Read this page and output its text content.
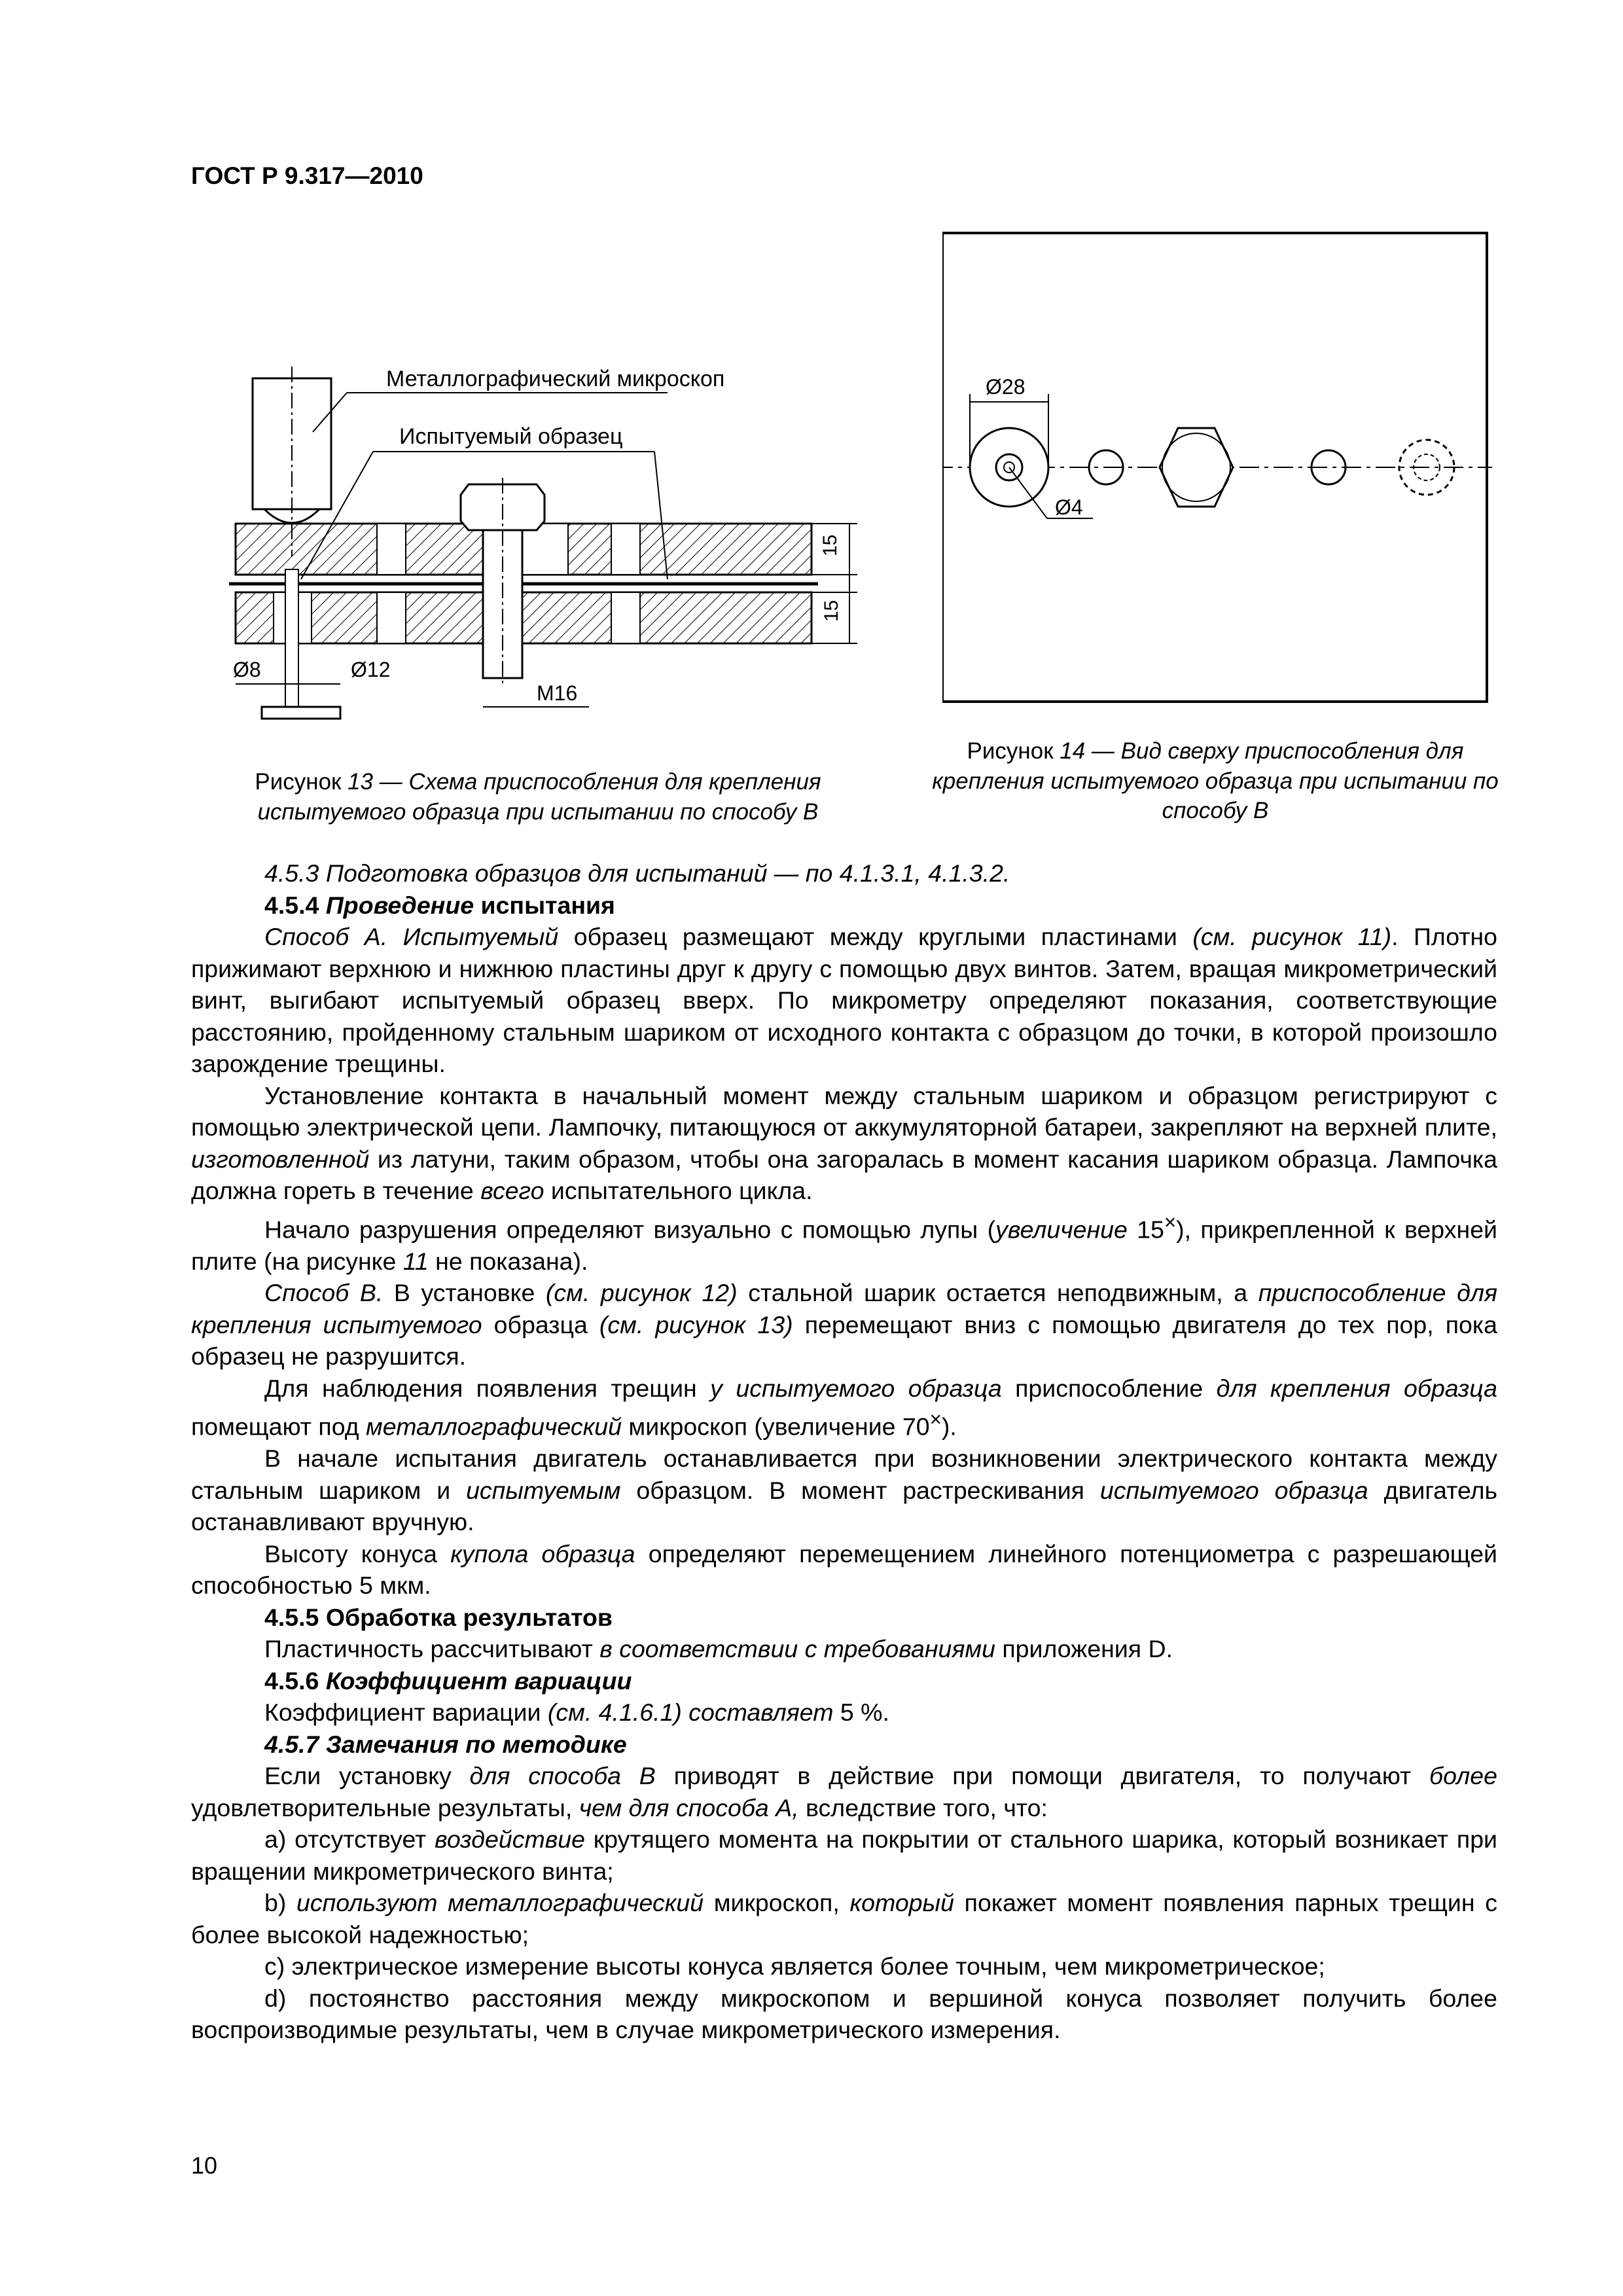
ГОСТ Р 9.317—2010
Металлографический микроскоп
Испытуемый образец
Ø8	Ø12
M16
15
15
Ø28
Ø4
Рисунок 13 — Схема приспособления для крепления испытуемого образца при испытании по способу B
Рисунок 14 — Вид сверху приспособления для крепления испытуемого образца при испытании по способу B

4.5.3 Подготовка образцов для испытаний — по 4.1.3.1, 4.1.3.2.

4.5.4 Проведение испытания

Способ А. Испытуемый образец размещают между круглыми пластинами (см. рисунок 11). Плотно прижимают верхнюю и нижнюю пластины друг к другу с помощью двух винтов. Затем, вращая микрометрический винт, выгибают испытуемый образец вверх. По микрометру определяют показания, соответствующие расстоянию, пройденному стальным шариком от исходного контакта с образцом до точки, в которой произошло зарождение трещины.

Установление контакта в начальный момент между стальным шариком и образцом регистрируют с помощью электрической цепи. Лампочку, питающуюся от аккумуляторной батареи, закрепляют на верхней плите, изготовленной из латуни, таким образом, чтобы она загоралась в момент касания шариком образца. Лампочка должна гореть в течение всего испытательного цикла.

Начало разрушения определяют визуально с помощью лупы (увеличение 15×), прикрепленной к верхней плите (на рисунке 11 не показана).

Способ B. В установке (см. рисунок 12) стальной шарик остается неподвижным, а приспособление для крепления испытуемого образца (см. рисунок 13) перемещают вниз с помощью двигателя до тех пор, пока образец не разрушится.

Для наблюдения появления трещин у испытуемого образца приспособление для крепления образца помещают под металлографический микроскоп (увеличение 70×).

В начале испытания двигатель останавливается при возникновении электрического контакта между стальным шариком и испытуемым образцом. В момент растрескивания испытуемого образца двигатель останавливают вручную.

Высоту конуса купола образца определяют перемещением линейного потенциометра с разрешающей способностью 5 мкм.

4.5.5 Обработка результатов

Пластичность рассчитывают в соответствии с требованиями приложения D.

4.5.6 Коэффициент вариации

Коэффициент вариации (см. 4.1.6.1) составляет 5 %.

4.5.7 Замечания по методике

Если установку для способа B приводят в действие при помощи двигателя, то получают более удовлетворительные результаты, чем для способа А, вследствие того, что:

a) отсутствует воздействие крутящего момента на покрытии от стального шарика, который возникает при вращении микрометрического винта;

b) используют металлографический микроскоп, который покажет момент появления парных трещин с более высокой надежностью;

c) электрическое измерение высоты конуса является более точным, чем микрометрическое;

d) постоянство расстояния между микроскопом и вершиной конуса позволяет получить более воспроизводимые результаты, чем в случае микрометрического измерения.

10
